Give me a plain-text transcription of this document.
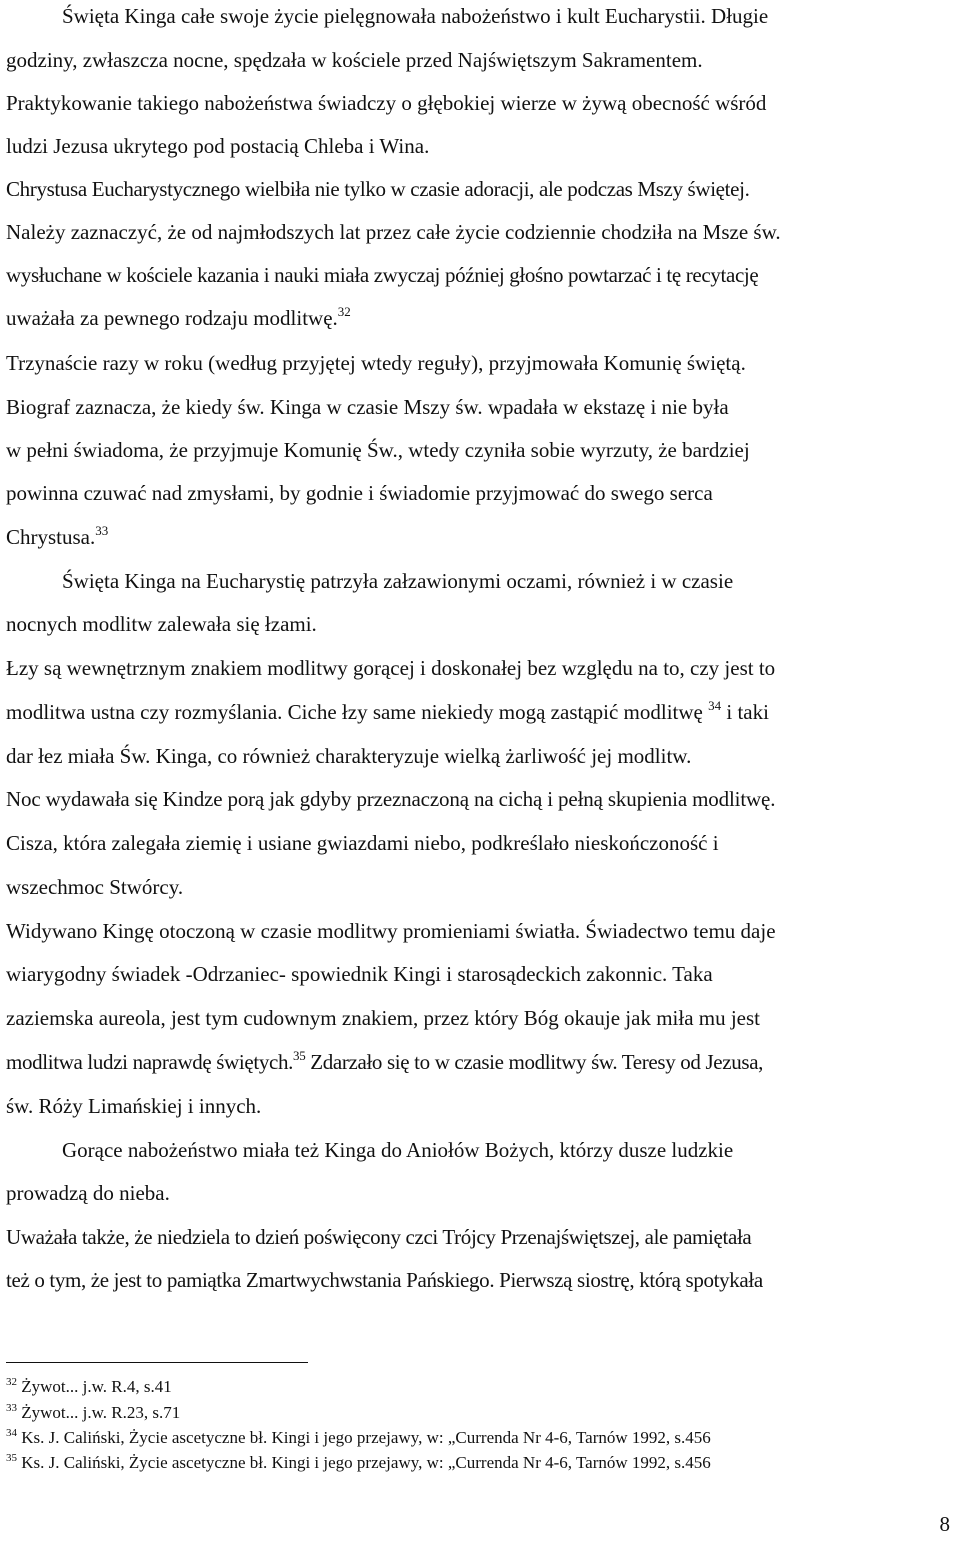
Święta Kinga całe swoje życie pielęgnowała nabożeństwo i kult Eucharystii. Długie
godziny, zwłaszcza nocne, spędzała w kościele przed Najświętszym Sakramentem.
Praktykowanie takiego nabożeństwa świadczy o głębokiej wierze w żywą obecność wśród
ludzi Jezusa ukrytego pod postacią Chleba i Wina.
Chrystusa Eucharystycznego wielbiła nie tylko w czasie adoracji, ale podczas Mszy świętej.
Należy zaznaczyć, że od najmłodszych lat przez całe życie codziennie chodziła na Msze św.
wysłuchane w kościele kazania i nauki miała zwyczaj później głośno powtarzać i tę recytację
uważała za pewnego rodzaju modlitwę.$^{32}$
Trzynaście razy w roku (według przyjętej wtedy reguły), przyjmowała Komunię świętą.
Biograf zaznacza, że kiedy św. Kinga w czasie Mszy św. wpadała w ekstazę i nie była
w pełni świadoma, że przyjmuje Komunię Św., wtedy czyniła sobie wyrzuty, że bardziej
powinna czuwać nad zmysłami, by godnie i świadomie przyjmować do swego serca
Chrystusa.$^{33}$
Święta Kinga na Eucharystię patrzyła załzawionymi oczami, również i w czasie
nocnych modlitw zalewała się łzami.
Łzy są wewnętrznym znakiem modlitwy gorącej i doskonałej bez względu na to, czy jest to
modlitwa ustna czy rozmyślania. Ciche łzy same niekiedy mogą zastąpić modlitwę $^{34}$ i taki
dar łez miała Św. Kinga, co również charakteryzuje wielką żarliwość jej modlitw.
Noc wydawała się Kindze porą jak gdyby przeznaczoną na cichą i pełną skupienia modlitwę.
Cisza, która zalegała ziemię i usiane gwiazdami niebo, podkreślało nieskończoność i
wszechmoc Stwórcy.
Widywano Kingę otoczoną w czasie modlitwy promieniami światła. Świadectwo temu daje
wiarygodny świadek -Odrzaniec- spowiednik Kingi i starosądeckich zakonnic. Taka
zaziemska aureola, jest tym cudownym znakiem, przez który Bóg okauje jak miła mu jest
modlitwa ludzi naprawdę świętych.$^{35}$ Zdarzało się to w czasie modlitwy św. Teresy od Jezusa,
św. Róży Limańskiej i innych.
Gorące nabożeństwo miała też Kinga do Aniołów Bożych, którzy dusze ludzkie
prowadzą do nieba.
Uważała także, że niedziela to dzień poświęcony czci Trójcy Przenajświętszej, ale pamiętała
też o tym, że jest to pamiątka Zmartwychwstania Pańskiego. Pierwszą siostrę, którą spotykała
$^{32}$ Żywot... j.w. R.4, s.41
$^{33}$ Żywot... j.w. R.23, s.71
$^{34}$ Ks. J. Caliński, Życie ascetyczne bł. Kingi i jego przejawy, w: „Currenda Nr 4-6, Tarnów 1992, s.456
$^{35}$ Ks. J. Caliński, Życie ascetyczne bł. Kingi i jego przejawy, w: „Currenda Nr 4-6, Tarnów 1992, s.456
8
